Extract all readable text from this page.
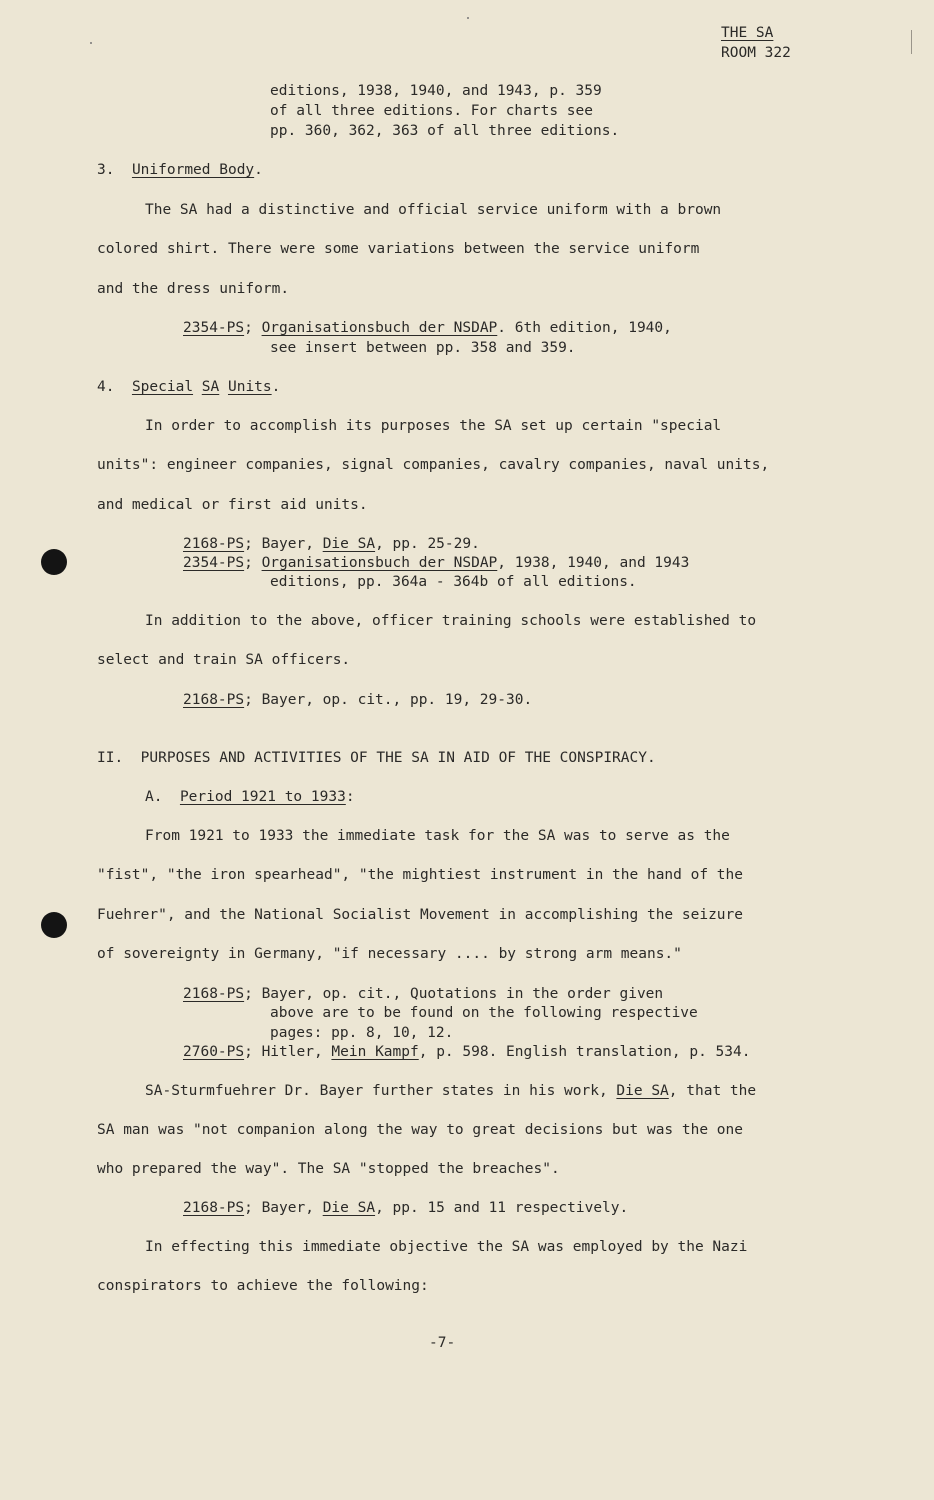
THE SA
ROOM 322
editions, 1938, 1940, and 1943, p. 359
of all three editions. For charts see
pp. 360, 362, 363 of all three editions.
3. Uniformed Body.
The SA had a distinctive and official service uniform with a brown
colored shirt. There were some variations between the service uniform
and the dress uniform.
2354-PS; Organisationsbuch der NSDAP. 6th edition, 1940,
see insert between pp. 358 and 359.
4. Special SA Units.
In order to accomplish its purposes the SA set up certain "special
units": engineer companies, signal companies, cavalry companies, naval units,
and medical or first aid units.
2168-PS; Bayer, Die SA, pp. 25-29.
2354-PS; Organisationsbuch der NSDAP, 1938, 1940, and 1943
editions, pp. 364a - 364b of all editions.
In addition to the above, officer training schools were established to
select and train SA officers.
2168-PS; Bayer, op. cit., pp. 19, 29-30.
II.  PURPOSES AND ACTIVITIES OF THE SA IN AID OF THE CONSPIRACY.
A. Period 1921 to 1933:
From 1921 to 1933 the immediate task for the SA was to serve as the
"fist", "the iron spearhead", "the mightiest instrument in the hand of the
Fuehrer", and the National Socialist Movement in accomplishing the seizure
of sovereignty in Germany, "if necessary .... by strong arm means."
2168-PS; Bayer, op. cit., Quotations in the order given
above are to be found on the following respective
pages: pp. 8, 10, 12.
2760-PS; Hitler, Mein Kampf, p. 598. English translation, p. 534.
SA-Sturmfuehrer Dr. Bayer further states in his work, Die SA, that the
SA man was "not companion along the way to great decisions but was the one
who prepared the way". The SA "stopped the breaches".
2168-PS; Bayer, Die SA, pp. 15 and 11 respectively.
In effecting this immediate objective the SA was employed by the Nazi
conspirators to achieve the following:
-7-
